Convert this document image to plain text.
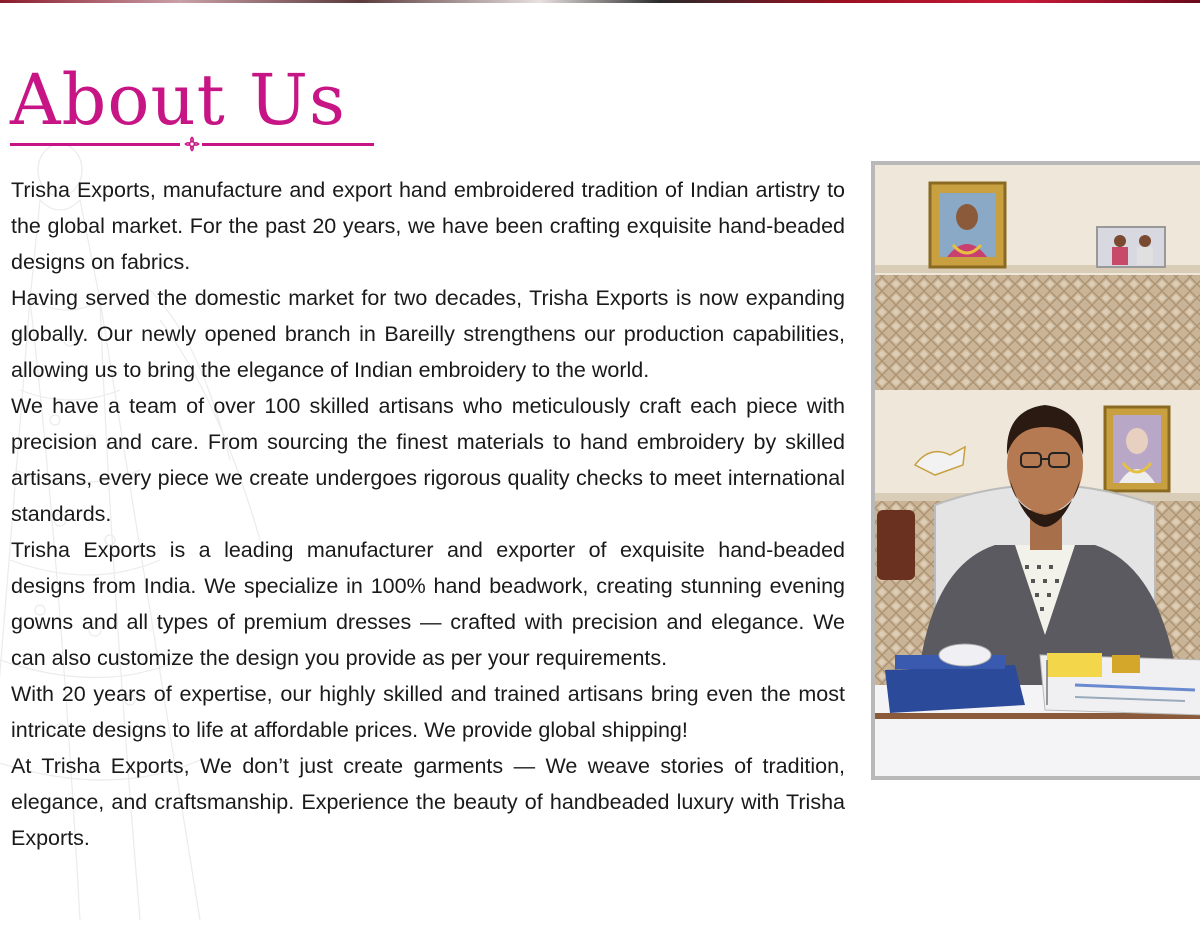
About Us

Trisha Exports, manufacture and export hand embroidered tradition of Indian artistry to the global market. For the past 20 years, we have been crafting exquisite hand-beaded designs on fabrics.

Having served the domestic market for two decades, Trisha Exports is now expanding globally. Our newly opened branch in Bareilly strengthens our production capabilities, allowing us to bring the elegance of Indian embroidery to the world.

We have a team of over 100 skilled artisans who meticulously craft each piece with precision and care. From sourcing the finest materials to hand embroidery by skilled artisans, every piece we create undergoes rigorous quality checks to meet international standards.

Trisha Exports is a leading manufacturer and exporter of exquisite hand-beaded designs from India. We specialize in 100% hand beadwork, creating stunning evening gowns and all types of premium dresses — crafted with precision and elegance. We can also customize the design you provide as per your requirements.

With 20 years of expertise, our highly skilled and trained artisans bring even the most intricate designs to life at affordable prices. We provide global shipping!

At Trisha Exports, We don’t just create garments — We weave stories of tradition, elegance, and craftsmanship. Experience the beauty of handbeaded luxury with Trisha Exports.
